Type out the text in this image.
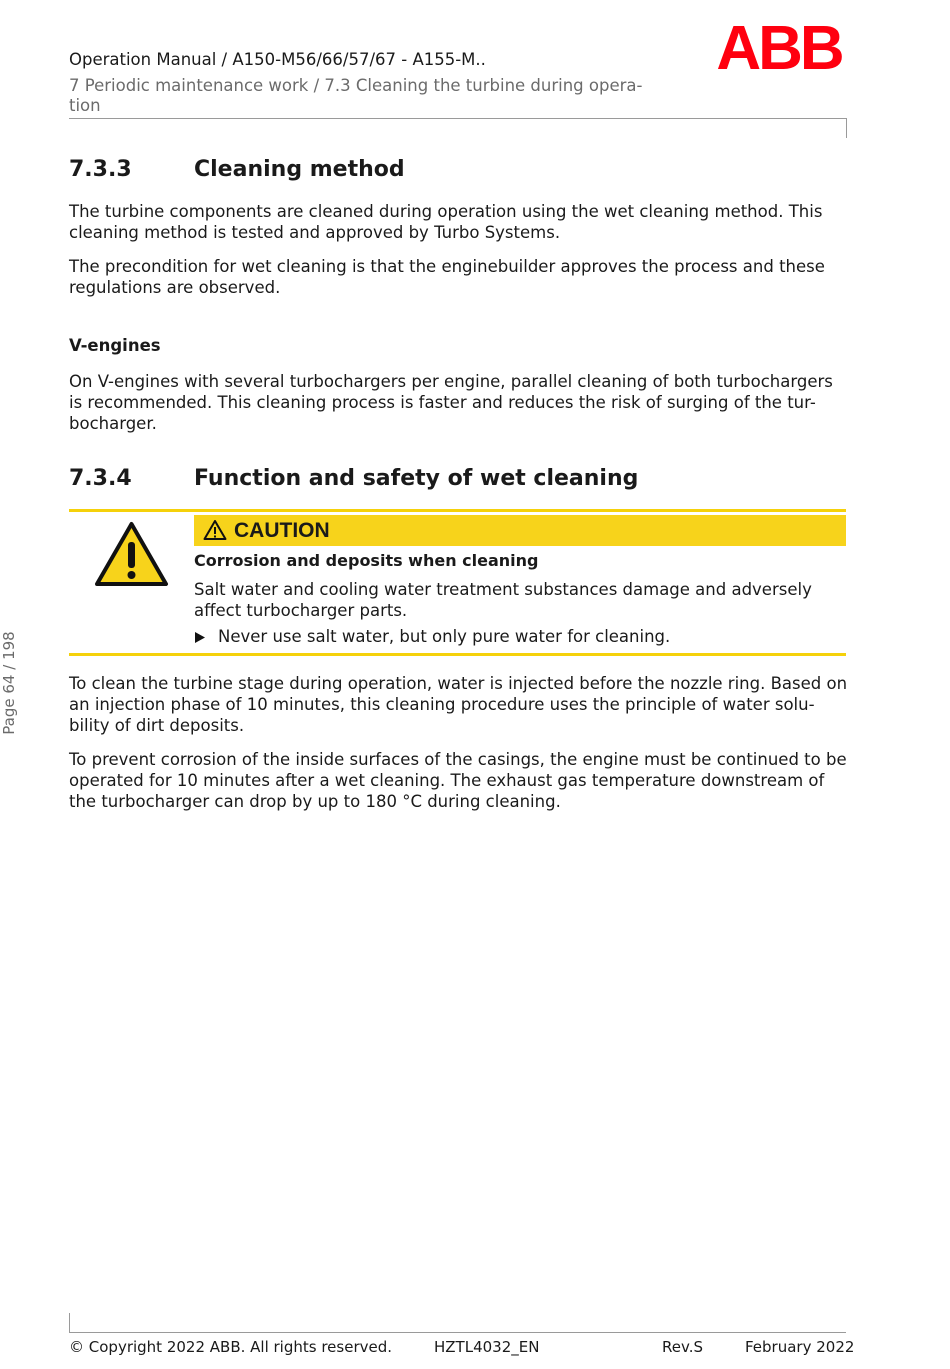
Operation Manual / A150-M56/66/57/67 - A155-M..
7 Periodic maintenance work / 7.3 Cleaning the turbine during opera-tion
ABB
Page 64 / 198
7.3.3	Cleaning method
The turbine components are cleaned during operation using the wet cleaning method. This cleaning method is tested and approved by Turbo Systems.
The precondition for wet cleaning is that the enginebuilder approves the process and these regulations are observed.
V-engines
On V-engines with several turbochargers per engine, parallel cleaning of both turbochargers is recommended. This cleaning process is faster and reduces the risk of surging of the tur-bocharger.
7.3.4	Function and safety of wet cleaning
CAUTION
Corrosion and deposits when cleaning
Salt water and cooling water treatment substances damage and adversely affect turbocharger parts.
Never use salt water, but only pure water for cleaning.
To clean the turbine stage during operation, water is injected before the nozzle ring. Based on an injection phase of 10 minutes, this cleaning procedure uses the principle of water solu-bility of dirt deposits.
To prevent corrosion of the inside surfaces of the casings, the engine must be continued to be operated for 10 minutes after a wet cleaning. The exhaust gas temperature downstream of the turbocharger can drop by up to 180 °C during cleaning.
© Copyright 2022 ABB. All rights reserved.	HZTL4032_EN	Rev.S	February 2022
